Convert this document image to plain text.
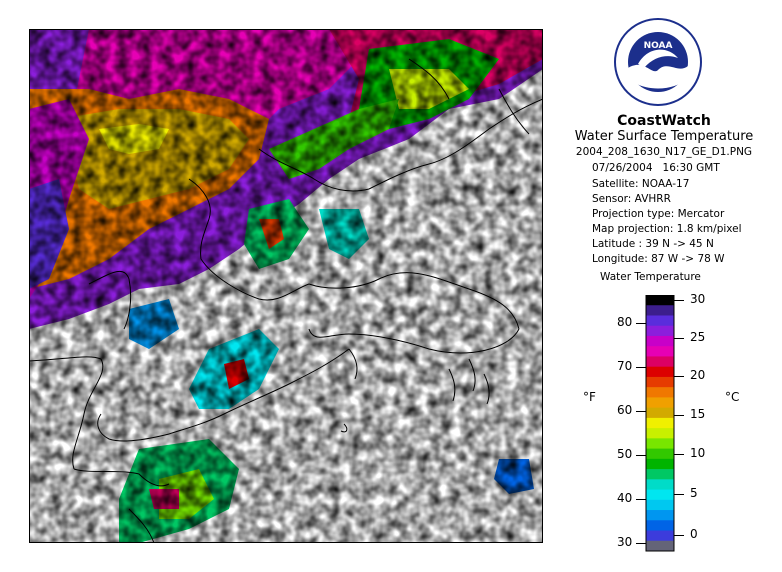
NOAA
CoastWatch
Water Surface Temperature
2004_208_1630_N17_GE_D1.PNG
07/26/2004 16:30 GMT
Satellite: NOAA-17
Sensor: AVHRR
Projection type: Mercator
Map projection: 1.8 km/pixel
Latitude : 39 N -> 45 N
Longitude: 87 W -> 78 W
Water Temperature
°F	°C
80
70
60
50
40
30
30
25
20
15
10
5
0
